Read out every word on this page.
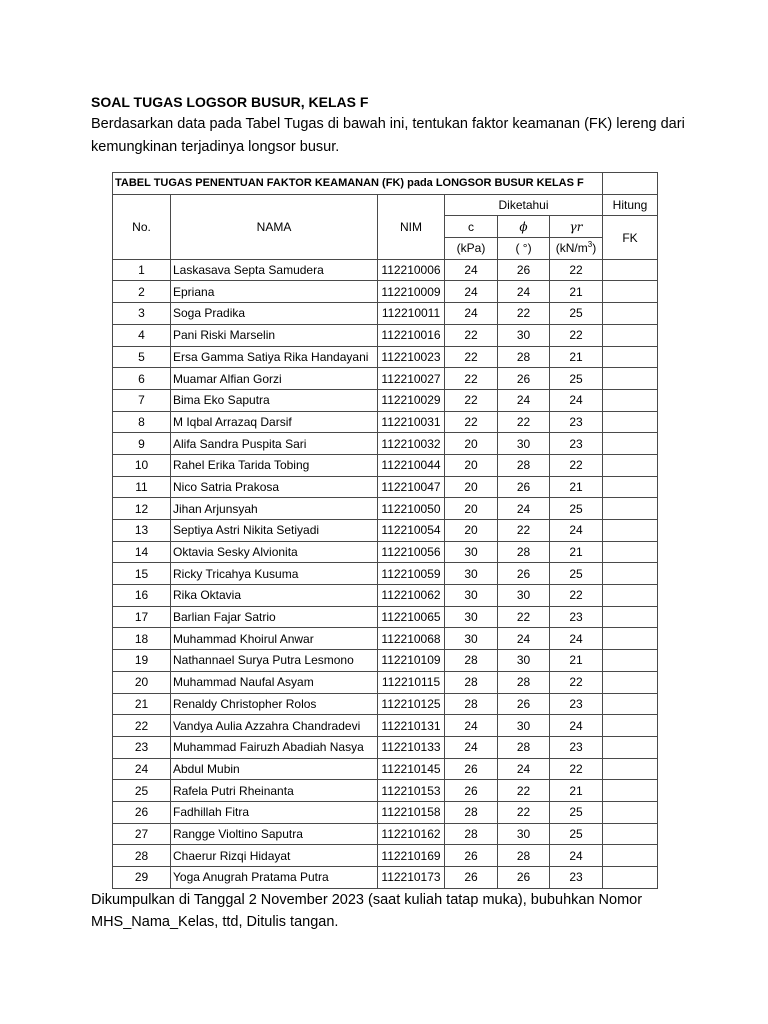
SOAL TUGAS LOGSOR BUSUR, KELAS F
Berdasarkan data pada Tabel Tugas di bawah ini, tentukan faktor keamanan (FK) lereng dari kemungkinan terjadinya longsor busur.
TABEL TUGAS PENENTUAN FAKTOR KEAMANAN (FK) pada LONGSOR BUSUR KELAS F						
No.	NAMA	NIM	Diketahui			Hitung
			c	ϕ	γr	FK
			(kPa)	( °)	$(kN/m^3)$	
1	Laskasava Septa Samudera	112210006	24	26	22	
2	Epriana	112210009	24	24	21	
3	Soga Pradika	112210011	24	22	25	
4	Pani Riski Marselin	112210016	22	30	22	
5	Ersa Gamma Satiya Rika Handayani	112210023	22	28	21	
6	Muamar Alfian Gorzi	112210027	22	26	25	
7	Bima Eko Saputra	112210029	22	24	24	
8	M Iqbal Arrazaq Darsif	112210031	22	22	23	
9	Alifa Sandra Puspita Sari	112210032	20	30	23	
10	Rahel Erika Tarida Tobing	112210044	20	28	22	
11	Nico Satria Prakosa	112210047	20	26	21	
12	Jihan Arjunsyah	112210050	20	24	25	
13	Septiya Astri Nikita Setiyadi	112210054	20	22	24	
14	Oktavia Sesky Alvionita	112210056	30	28	21	
15	Ricky Tricahya Kusuma	112210059	30	26	25	
16	Rika Oktavia	112210062	30	30	22	
17	Barlian Fajar Satrio	112210065	30	22	23	
18	Muhammad Khoirul Anwar	112210068	30	24	24	
19	Nathannael Surya Putra Lesmono	112210109	28	30	21	
20	Muhammad Naufal Asyam	112210115	28	28	22	
21	Renaldy Christopher Rolos	112210125	28	26	23	
22	Vandya Aulia Azzahra Chandradevi	112210131	24	30	24	
23	Muhammad Fairuzh Abadiah Nasya	112210133	24	28	23	
24	Abdul Mubin	112210145	26	24	22	
25	Rafela Putri Rheinanta	112210153	26	22	21	
26	Fadhillah Fitra	112210158	28	22	25	
27	Rangge Violtino Saputra	112210162	28	30	25	
28	Chaerur Rizqi Hidayat	112210169	26	28	24	
29	Yoga Anugrah Pratama Putra	112210173	26	26	23	
Dikumpulkan di Tanggal 2 November 2023 (saat kuliah tatap muka), bubuhkan Nomor MHS_Nama_Kelas, ttd, Ditulis tangan.
